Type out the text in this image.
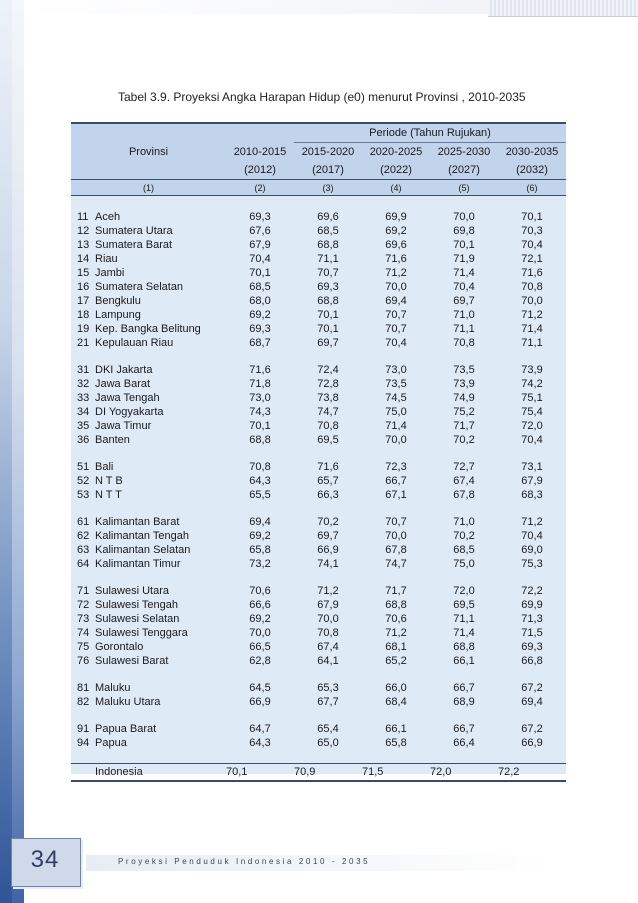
Tabel 3.9. Proyeksi Angka Harapan Hidup (e0) menurut Provinsi , 2010-2035
			Periode (Tahun Rujukan)			
Provinsi		2010-2015	2015-2020	2020-2025	2025-2030	2030-2035
		(2012)	(2017)	(2022)	(2027)	(2032)
(1)		(2)	(3)	(4)	(5)	(6)

11	Aceh	69,3	69,6	69,9	70,0	70,1
12	Sumatera Utara	67,6	68,5	69,2	69,8	70,3
13	Sumatera Barat	67,9	68,8	69,6	70,1	70,4
14	Riau	70,4	71,1	71,6	71,9	72,1
15	Jambi	70,1	70,7	71,2	71,4	71,6
16	Sumatera Selatan	68,5	69,3	70,0	70,4	70,8
17	Bengkulu	68,0	68,8	69,4	69,7	70,0
18	Lampung	69,2	70,1	70,7	71,0	71,2
19	Kep. Bangka Belitung	69,3	70,1	70,7	71,1	71,4
21	Kepulauan Riau	68,7	69,7	70,4	70,8	71,1

31	DKI Jakarta	71,6	72,4	73,0	73,5	73,9
32	Jawa Barat	71,8	72,8	73,5	73,9	74,2
33	Jawa Tengah	73,0	73,8	74,5	74,9	75,1
34	DI Yogyakarta	74,3	74,7	75,0	75,2	75,4
35	Jawa Timur	70,1	70,8	71,4	71,7	72,0
36	Banten	68,8	69,5	70,0	70,2	70,4

51	Bali	70,8	71,6	72,3	72,7	73,1
52	N T B	64,3	65,7	66,7	67,4	67,9
53	N T T	65,5	66,3	67,1	67,8	68,3

61	Kalimantan Barat	69,4	70,2	70,7	71,0	71,2
62	Kalimantan Tengah	69,2	69,7	70,0	70,2	70,4
63	Kalimantan Selatan	65,8	66,9	67,8	68,5	69,0
64	Kalimantan Timur	73,2	74,1	74,7	75,0	75,3

71	Sulawesi Utara	70,6	71,2	71,7	72,0	72,2
72	Sulawesi Tengah	66,6	67,9	68,8	69,5	69,9
73	Sulawesi Selatan	69,2	70,0	70,6	71,1	71,3
74	Sulawesi Tenggara	70,0	70,8	71,2	71,4	71,5
75	Gorontalo	66,5	67,4	68,1	68,8	69,3
76	Sulawesi Barat	62,8	64,1	65,2	66,1	66,8

81	Maluku	64,5	65,3	66,0	66,7	67,2
82	Maluku Utara	66,9	67,7	68,4	68,9	69,4

91	Papua Barat	64,7	65,4	66,1	66,7	67,2
94	Papua	64,3	65,0	65,8	66,4	66,9

	Indonesia	70,1	70,9	71,5	72,0	72,2
Proyeksi Penduduk Indonesia 2010 - 2035
34
